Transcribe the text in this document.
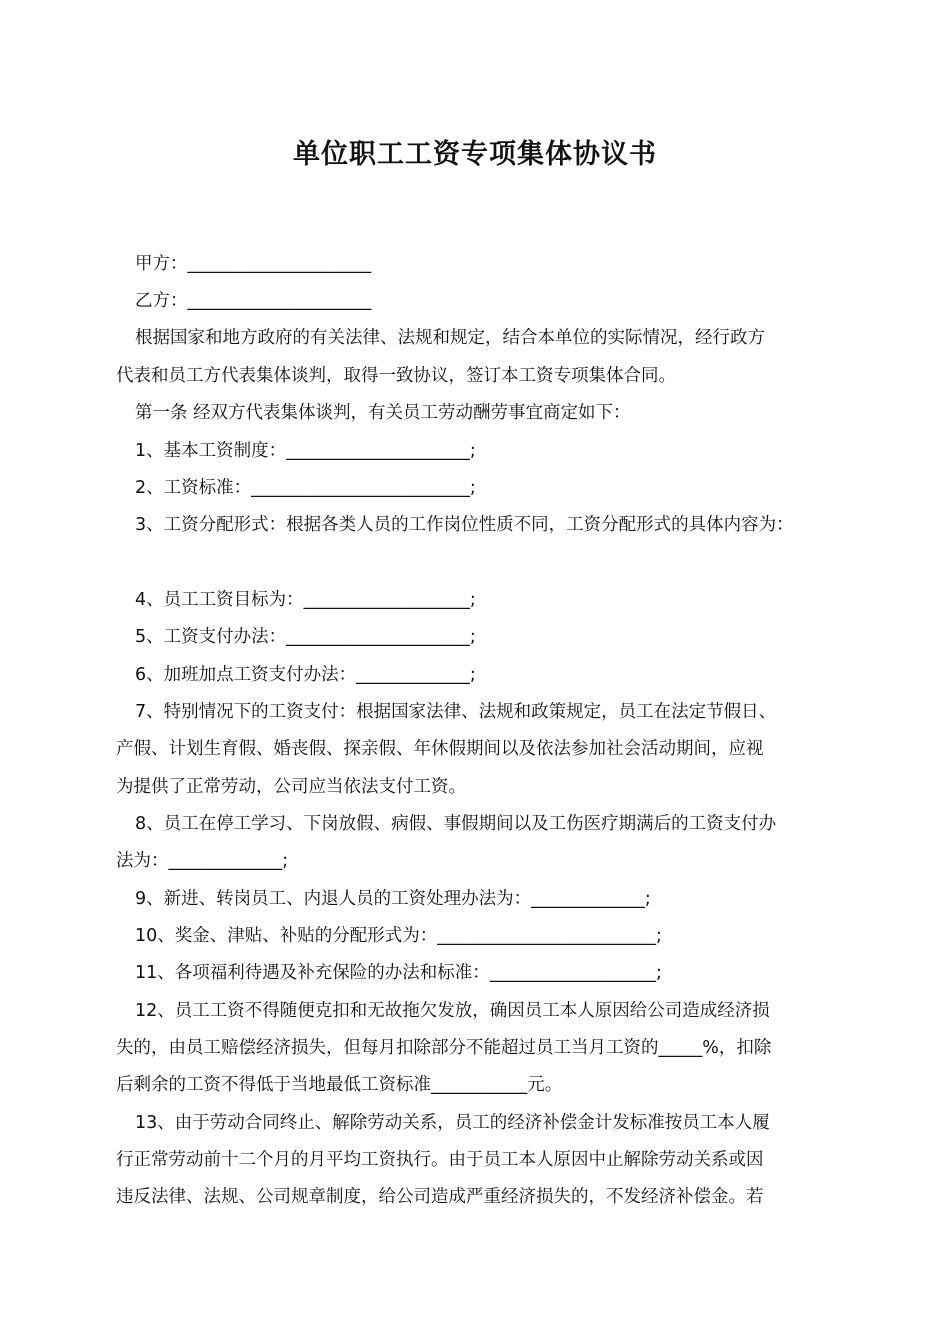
单位职工工资专项集体协议书
甲方：_____________________
乙方：_____________________
根据国家和地方政府的有关法律、法规和规定，结合本单位的实际情况，经行政方
代表和员工方代表集体谈判，取得一致协议，签订本工资专项集体合同。
第一条 经双方代表集体谈判，有关员工劳动酬劳事宜商定如下：
1、基本工资制度：_____________________;
2、工资标准：_________________________;
3、工资分配形式：根据各类人员的工作岗位性质不同，工资分配形式的具体内容为：
4、员工工资目标为：___________________;
5、工资支付办法：_____________________;
6、加班加点工资支付办法：_____________;
7、特别情况下的工资支付：根据国家法律、法规和政策规定，员工在法定节假日、
产假、计划生育假、婚丧假、探亲假、年休假期间以及依法参加社会活动期间，应视
为提供了正常劳动，公司应当依法支付工资。
8、员工在停工学习、下岗放假、病假、事假期间以及工伤医疗期满后的工资支付办
法为：_____________;
9、新进、转岗员工、内退人员的工资处理办法为：_____________;
10、奖金、津贴、补贴的分配形式为：_________________________;
11、各项福利待遇及补充保险的办法和标准：___________________;
12、员工工资不得随便克扣和无故拖欠发放，确因员工本人原因给公司造成经济损
失的，由员工赔偿经济损失，但每月扣除部分不能超过员工当月工资的_____%，扣除
后剩余的工资不得低于当地最低工资标准___________元。
13、由于劳动合同终止、解除劳动关系，员工的经济补偿金计发标准按员工本人履
行正常劳动前十二个月的月平均工资执行。由于员工本人原因中止解除劳动关系或因
违反法律、法规、公司规章制度，给公司造成严重经济损失的，不发经济补偿金。若
